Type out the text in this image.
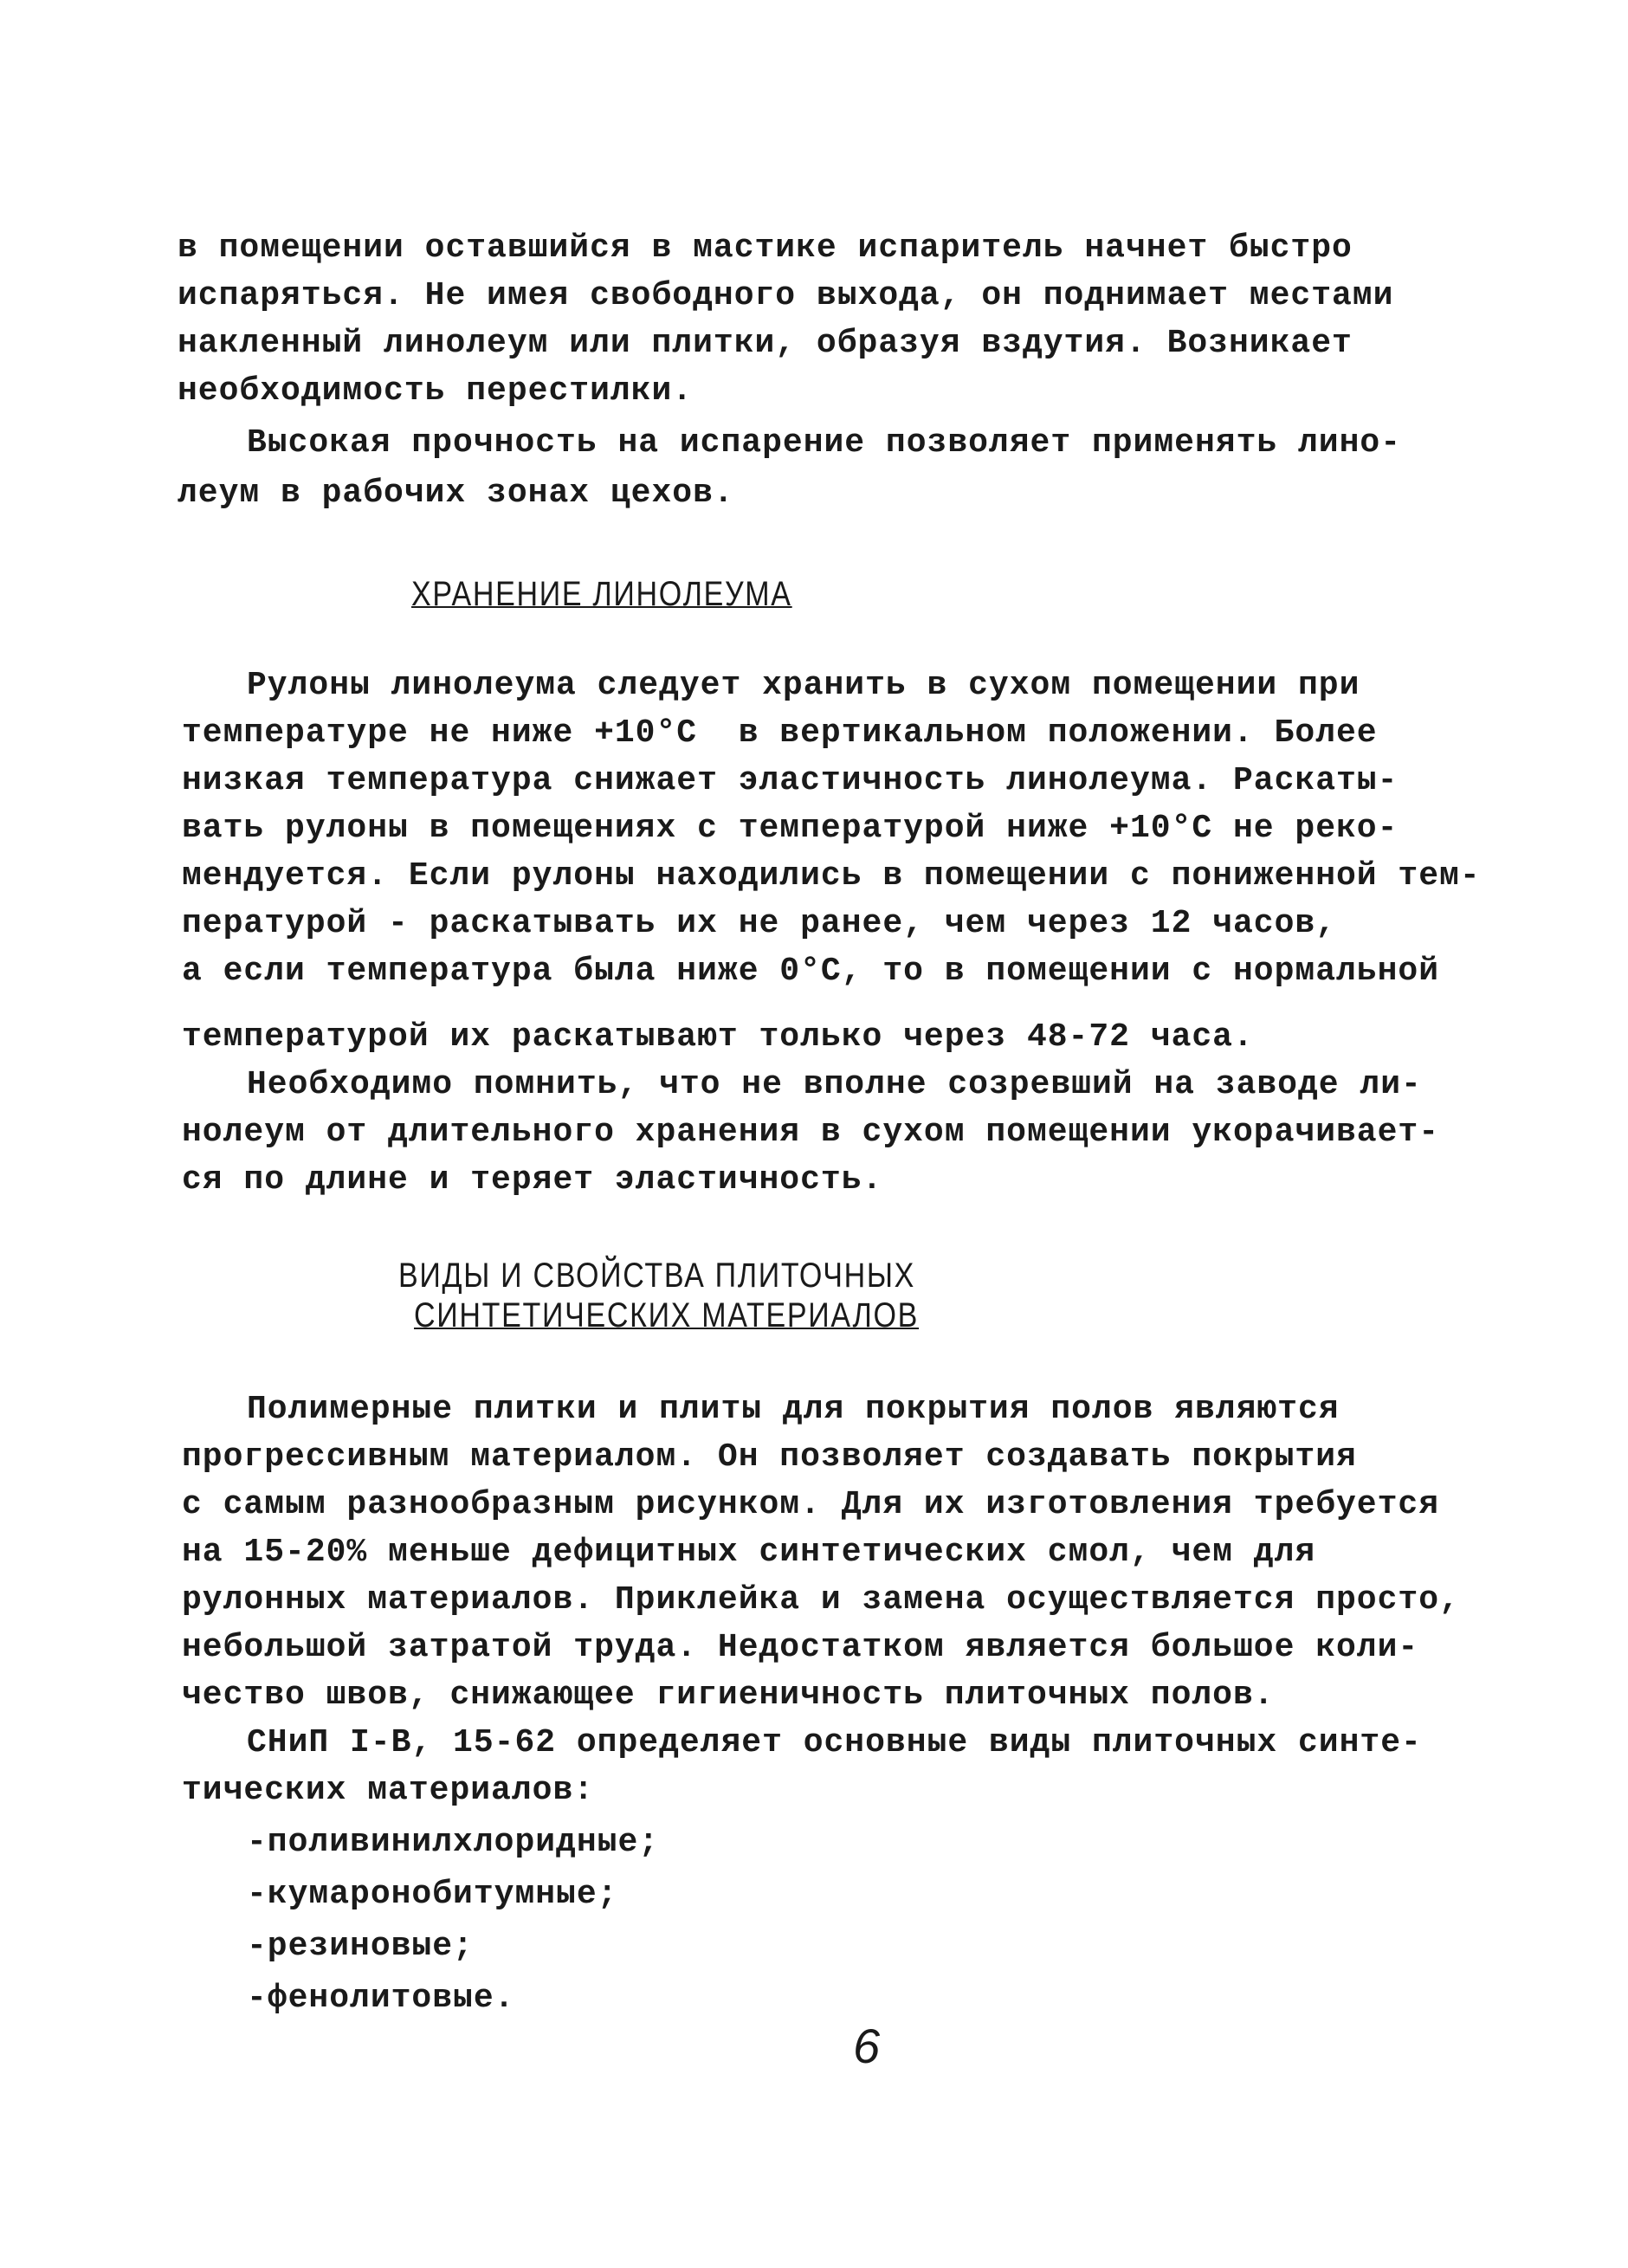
в помещении оставшийся в мастике испаритель начнет быстро
испаряться. Не имея свободного выхода, он поднимает местами
накленный линолеум или плитки, образуя вздутия. Возникает
необходимость перестилки.
Высокая прочность на испарение позволяет применять лино-
леум в рабочих зонах цехов.
ХРАНЕНИЕ ЛИНОЛЕУМА
Рулоны линолеума следует хранить в сухом помещении при
температуре не ниже +10°С  в вертикальном положении. Более
низкая температура снижает эластичность линолеума. Раскаты-
вать рулоны в помещениях с температурой ниже +10°С не реко-
мендуется. Если рулоны находились в помещении с пониженной тем-
пературой - раскатывать их не ранее, чем через 12 часов,
а если температура была ниже 0°С, то в помещении с нормальной
температурой их раскатывают только через 48-72 часа.
Необходимо помнить, что не вполне созревший на заводе ли-
нолеум от длительного хранения в сухом помещении укорачивает-
ся по длине и теряет эластичность.
ВИДЫ И СВОЙСТВА ПЛИТОЧНЫХ
СИНТЕТИЧЕСКИХ МАТЕРИАЛОВ
Полимерные плитки и плиты для покрытия полов являются
прогрессивным материалом. Он позволяет создавать покрытия
с самым разнообразным рисунком. Для их изготовления требуется
на 15-20% меньше дефицитных синтетических смол, чем для
рулонных материалов. Приклейка и замена осуществляется просто,
небольшой затратой труда. Недостатком является большое коли-
чество швов, снижающее гигиеничность плиточных полов.
СНиП I-В, 15-62 определяет основные виды плиточных синте-
тических материалов:
-поливинилхлоридные;
-кумаронобитумные;
-резиновые;
-фенолитовые.
6
